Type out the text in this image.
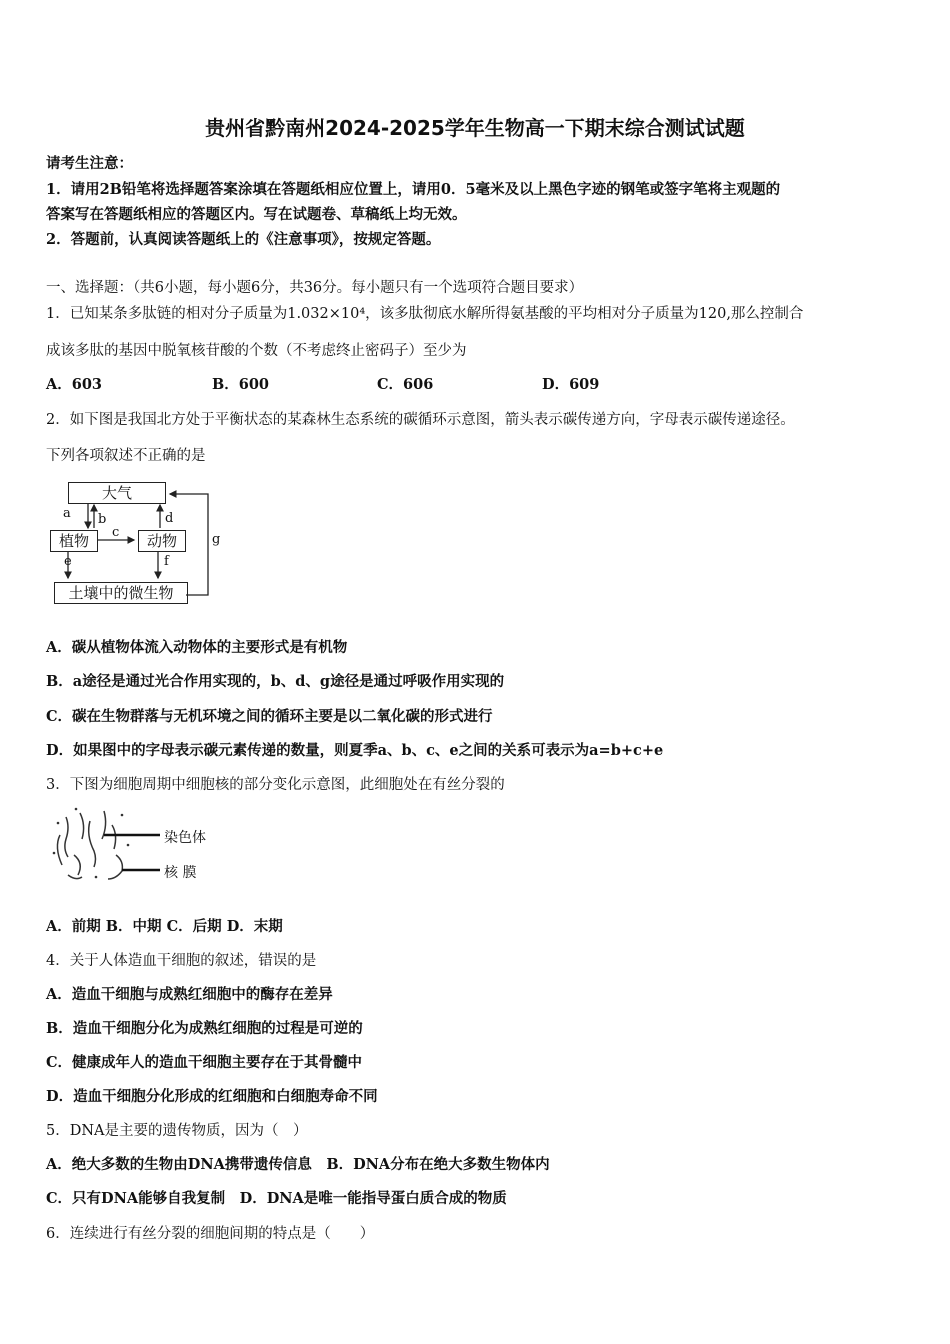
贵州省黔南州2024-2025学年生物高一下期末综合测试试题
请考生注意：
1．请用2B铅笔将选择题答案涂填在答题纸相应位置上，请用0．5毫米及以上黑色字迹的钢笔或签字笔将主观题的
答案写在答题纸相应的答题区内。写在试题卷、草稿纸上均无效。
2．答题前，认真阅读答题纸上的《注意事项》，按规定答题。
一、选择题：（共6小题，每小题6分，共36分。每小题只有一个选项符合题目要求）
1．已知某条多肽链的相对分子质量为1.032×10⁴，该多肽彻底水解所得氨基酸的平均相对分子质量为120,那么控制合
成该多肽的基因中脱氧核苷酸的个数（不考虑终止密码子）至少为
A．603	B．600	C．606	D．609
2．如下图是我国北方处于平衡状态的某森林生态系统的碳循环示意图，箭头表示碳传递方向，字母表示碳传递途径。
下列各项叙述不正确的是
大气
植物	动物
土壤中的微生物
a b	d
c
e	f
g
A．碳从植物体流入动物体的主要形式是有机物
B．a途径是通过光合作用实现的，b、d、g途径是通过呼吸作用实现的
C．碳在生物群落与无机环境之间的循环主要是以二氧化碳的形式进行
D．如果图中的字母表示碳元素传递的数量，则夏季a、b、c、e之间的关系可表示为a=b+c+e
3．下图为细胞周期中细胞核的部分变化示意图，此细胞处在有丝分裂的
染色体
核 膜
A．前期 B．中期 C．后期 D．末期
4．关于人体造血干细胞的叙述，错误的是
A．造血干细胞与成熟红细胞中的酶存在差异
B．造血干细胞分化为成熟红细胞的过程是可逆的
C．健康成年人的造血干细胞主要存在于其骨髓中
D．造血干细胞分化形成的红细胞和白细胞寿命不同
5．DNA是主要的遗传物质，因为（　）
A．绝大多数的生物由DNA携带遗传信息　B．DNA分布在绝大多数生物体内
C．只有DNA能够自我复制　D．DNA是唯一能指导蛋白质合成的物质
6．连续进行有丝分裂的细胞间期的特点是（　　）
